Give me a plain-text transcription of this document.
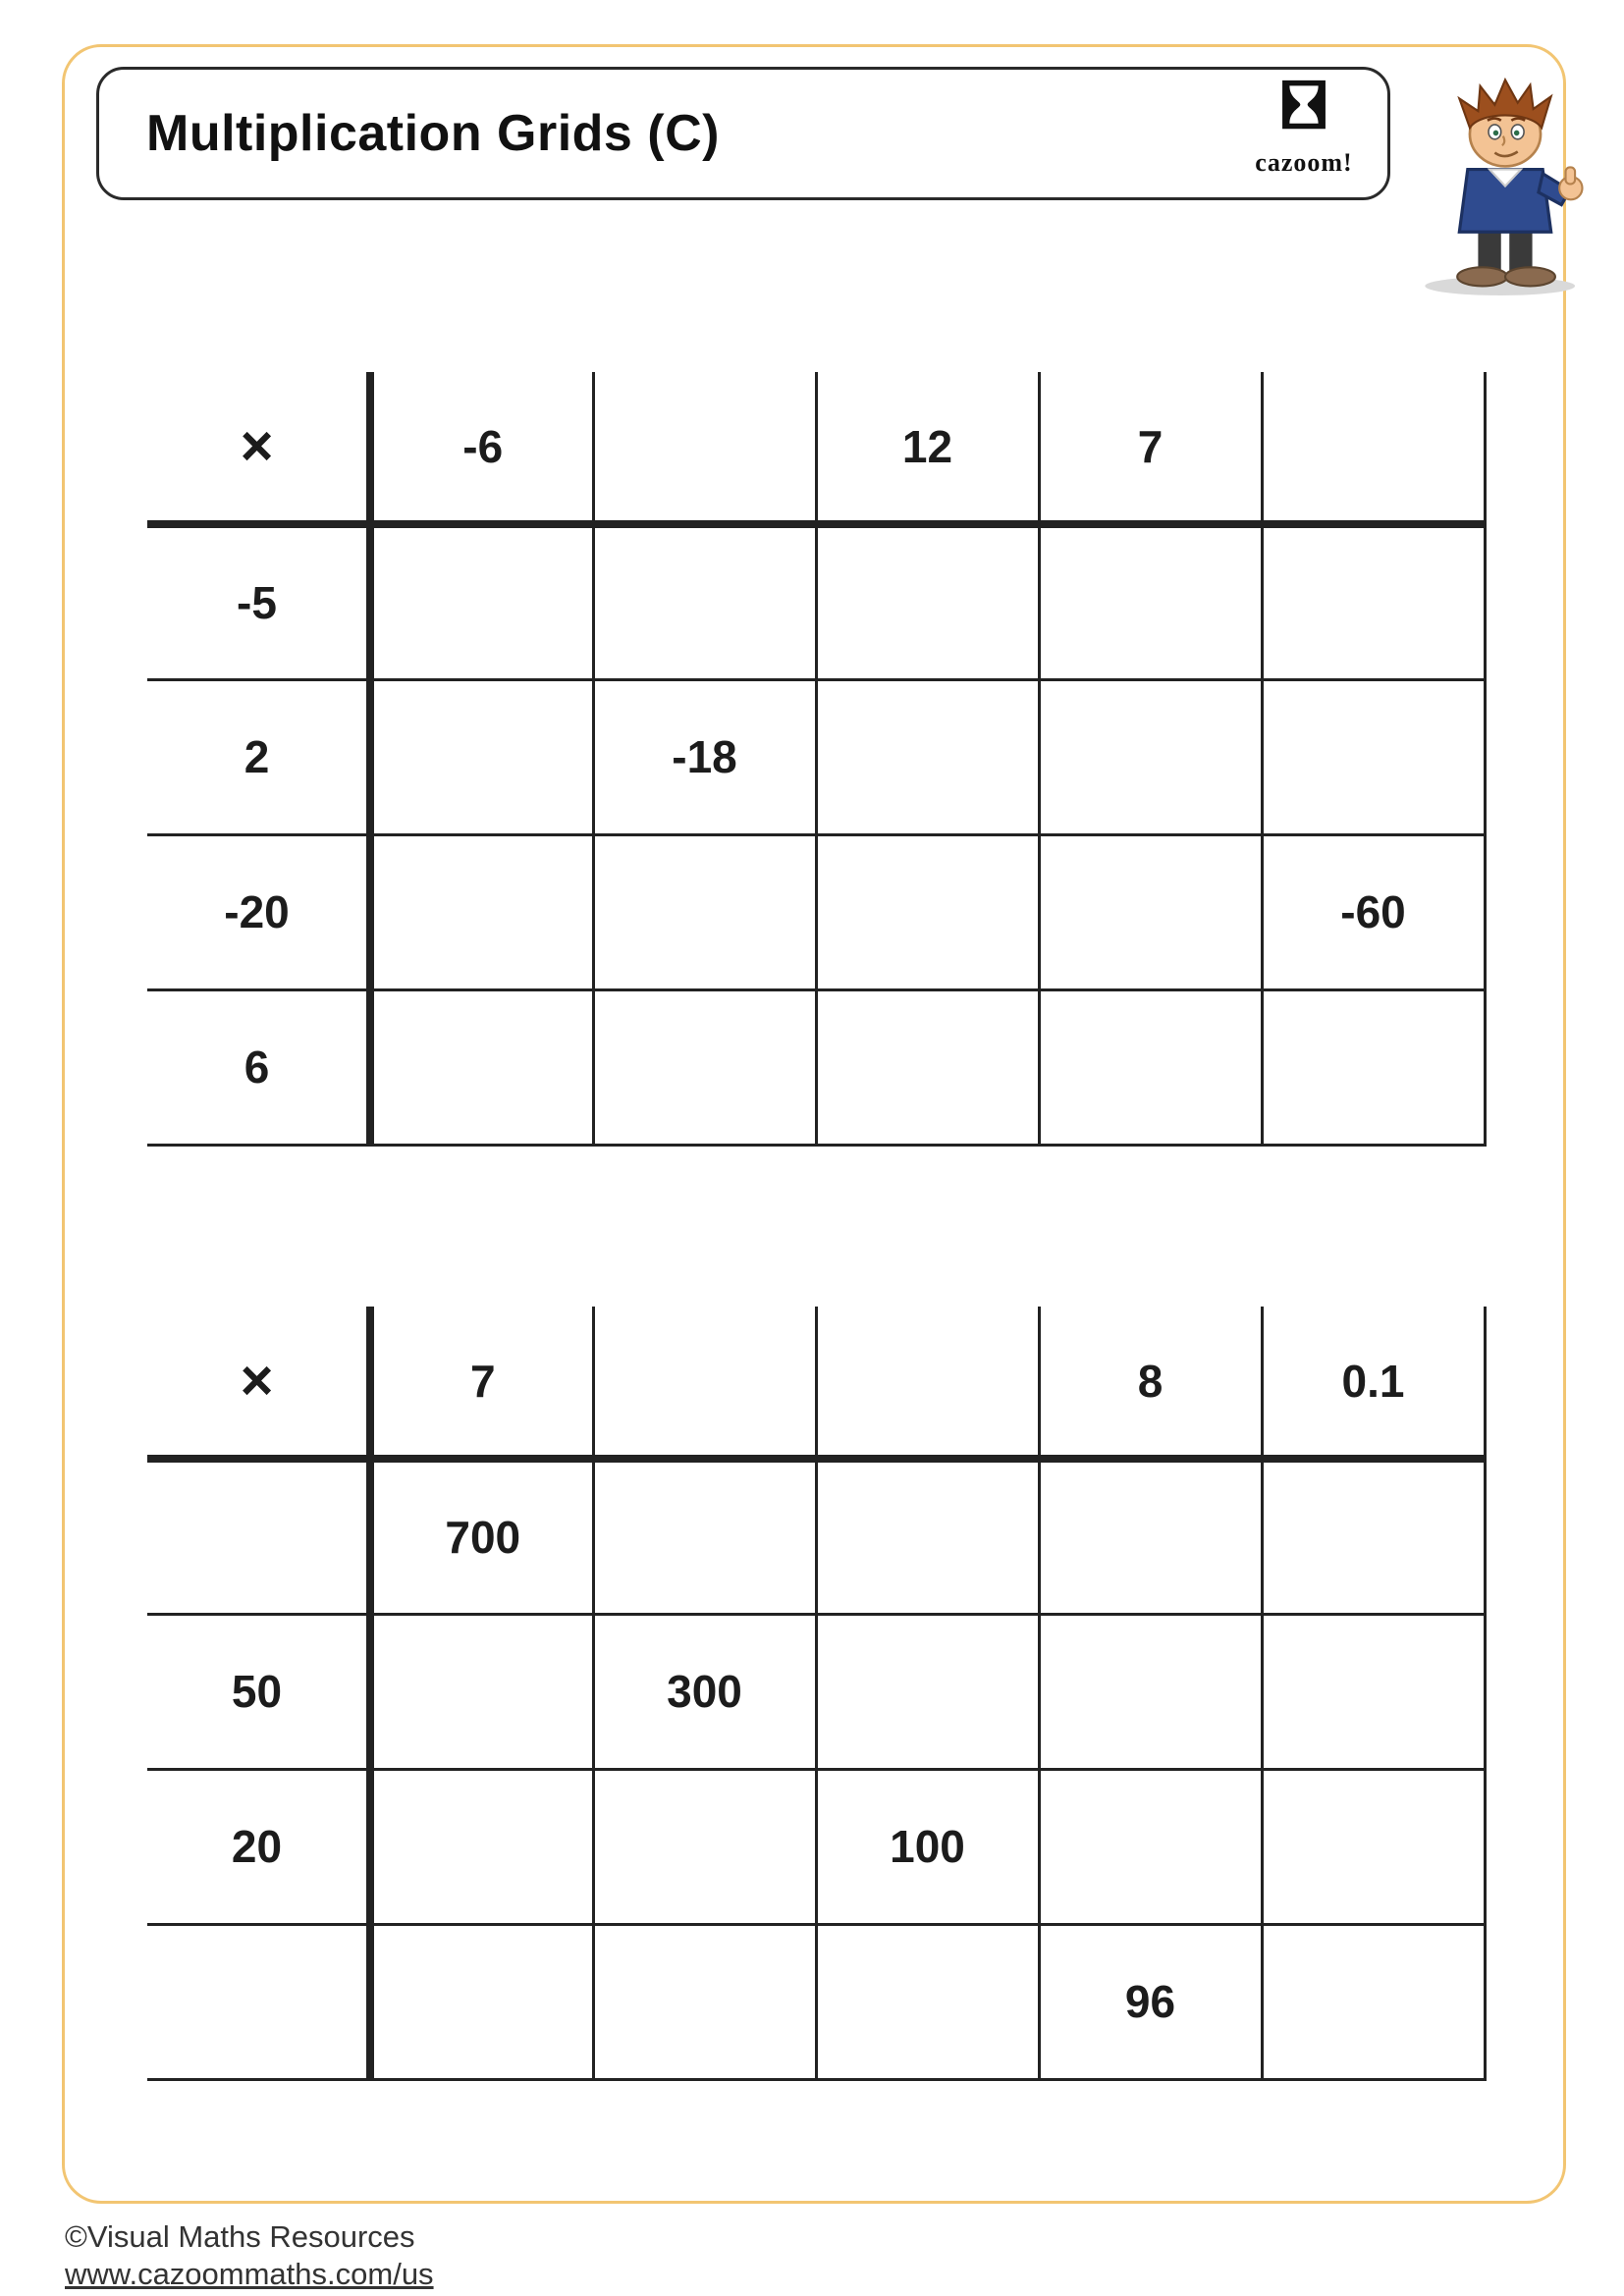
Multiplication Grids (C)
cazoom!
×	-6		12	7	
-5					
2		-18			
-20					-60
6					
×	7			8	0.1
	700				
50		300			
20			100		
				96	
©Visual Maths Resources
www.cazoommaths.com/us
